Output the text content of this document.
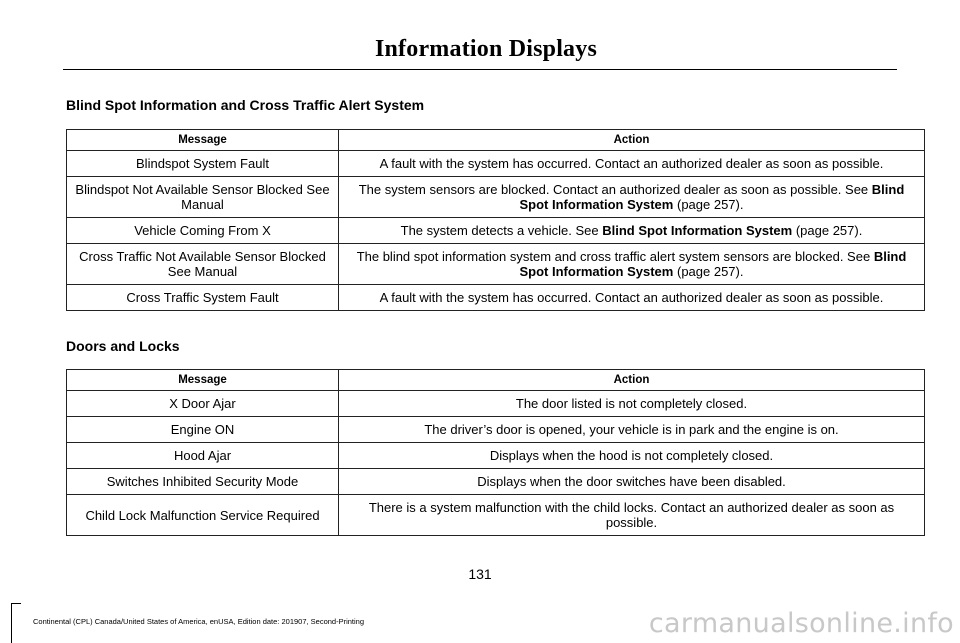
Information Displays
Blind Spot Information and Cross Traffic Alert System
Message	Action
Blindspot System Fault	A fault with the system has occurred. Contact an authorized dealer as soon as possible.
Blindspot Not Available Sensor Blocked See Manual	The system sensors are blocked. Contact an authorized dealer as soon as possible. See Blind Spot Information System (page 257).
Vehicle Coming From X	The system detects a vehicle. See Blind Spot Information System (page 257).
Cross Traffic Not Available Sensor Blocked See Manual	The blind spot information system and cross traffic alert system sensors are blocked. See Blind Spot Information System (page 257).
Cross Traffic System Fault	A fault with the system has occurred. Contact an authorized dealer as soon as possible.
Doors and Locks
Message	Action
X Door Ajar	The door listed is not completely closed.
Engine ON	The driver’s door is opened, your vehicle is in park and the engine is on.
Hood Ajar	Displays when the hood is not completely closed.
Switches Inhibited Security Mode	Displays when the door switches have been disabled.
Child Lock Malfunction Service Required	There is a system malfunction with the child locks. Contact an authorized dealer as soon as possible.
131
Continental (CPL) Canada/United States of America, enUSA, Edition date: 201907, Second-Printing	carmanualsonline.info
